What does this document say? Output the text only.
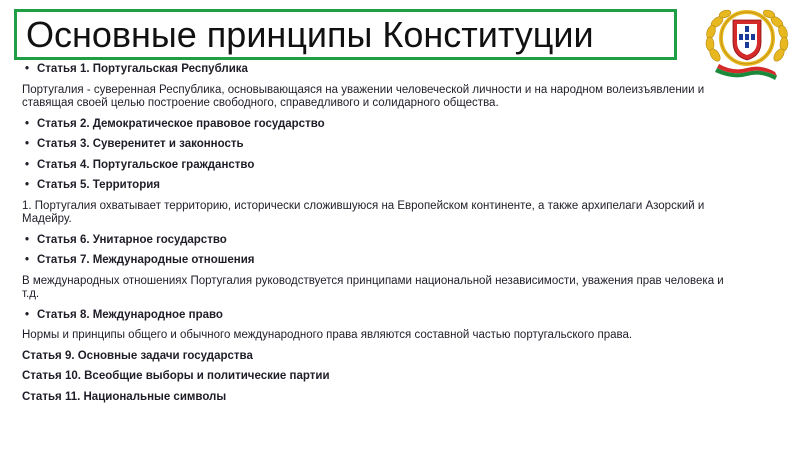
Основные принципы Конституции

• Статья 1. Португальская Республика

Португалия - суверенная Республика, основывающаяся на уважении человеческой личности и на народном волеизъявлении и ставящая своей целью построение свободного, справедливого и солидарного общества.

• Статья 2. Демократическое правовое государство

• Статья 3. Суверенитет и законность

• Статья 4. Португальское гражданство

• Статья 5. Территория

1. Португалия охватывает территорию, исторически сложившуюся на Европейском континенте, а также архипелаги Азорский и Мадейру.

• Статья 6. Унитарное государство

• Статья 7. Международные отношения

В международных отношениях Португалия руководствуется принципами национальной независимости, уважения прав человека и т.д.

• Статья 8. Международное право

Нормы и принципы общего и обычного международного права являются составной частью португальского права.

Статья 9. Основные задачи государства

Статья 10. Всеобщие выборы и политические партии

Статья 11. Национальные символы
